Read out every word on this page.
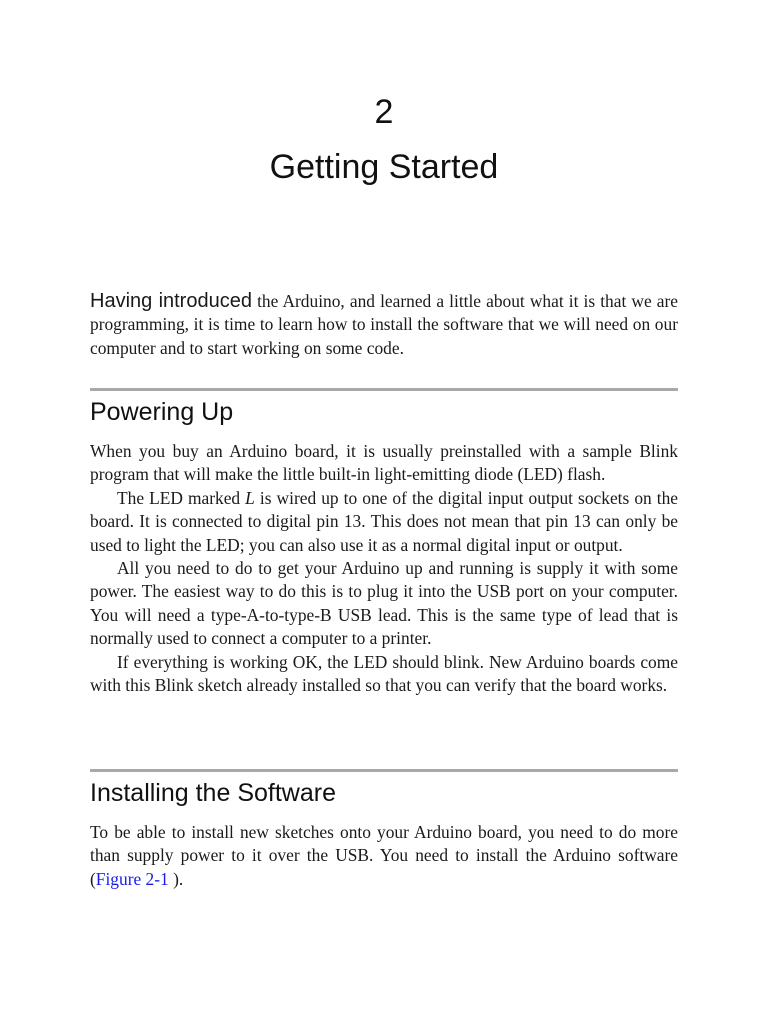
2
Getting Started

Having introduced the Arduino, and learned a little about what it is that we are programming, it is time to learn how to install the software that we will need on our computer and to start working on some code.

Powering Up

When you buy an Arduino board, it is usually preinstalled with a sample Blink program that will make the little built-in light-emitting diode (LED) flash.

The LED marked L is wired up to one of the digital input output sockets on the board. It is connected to digital pin 13. This does not mean that pin 13 can only be used to light the LED; you can also use it as a normal digital input or output.

All you need to do to get your Arduino up and running is supply it with some power. The easiest way to do this is to plug it into the USB port on your computer. You will need a type-A-to-type-B USB lead. This is the same type of lead that is normally used to connect a computer to a printer.

If everything is working OK, the LED should blink. New Arduino boards come with this Blink sketch already installed so that you can verify that the board works.

Installing the Software

To be able to install new sketches onto your Arduino board, you need to do more than supply power to it over the USB. You need to install the Arduino software (Figure 2-1 ).
